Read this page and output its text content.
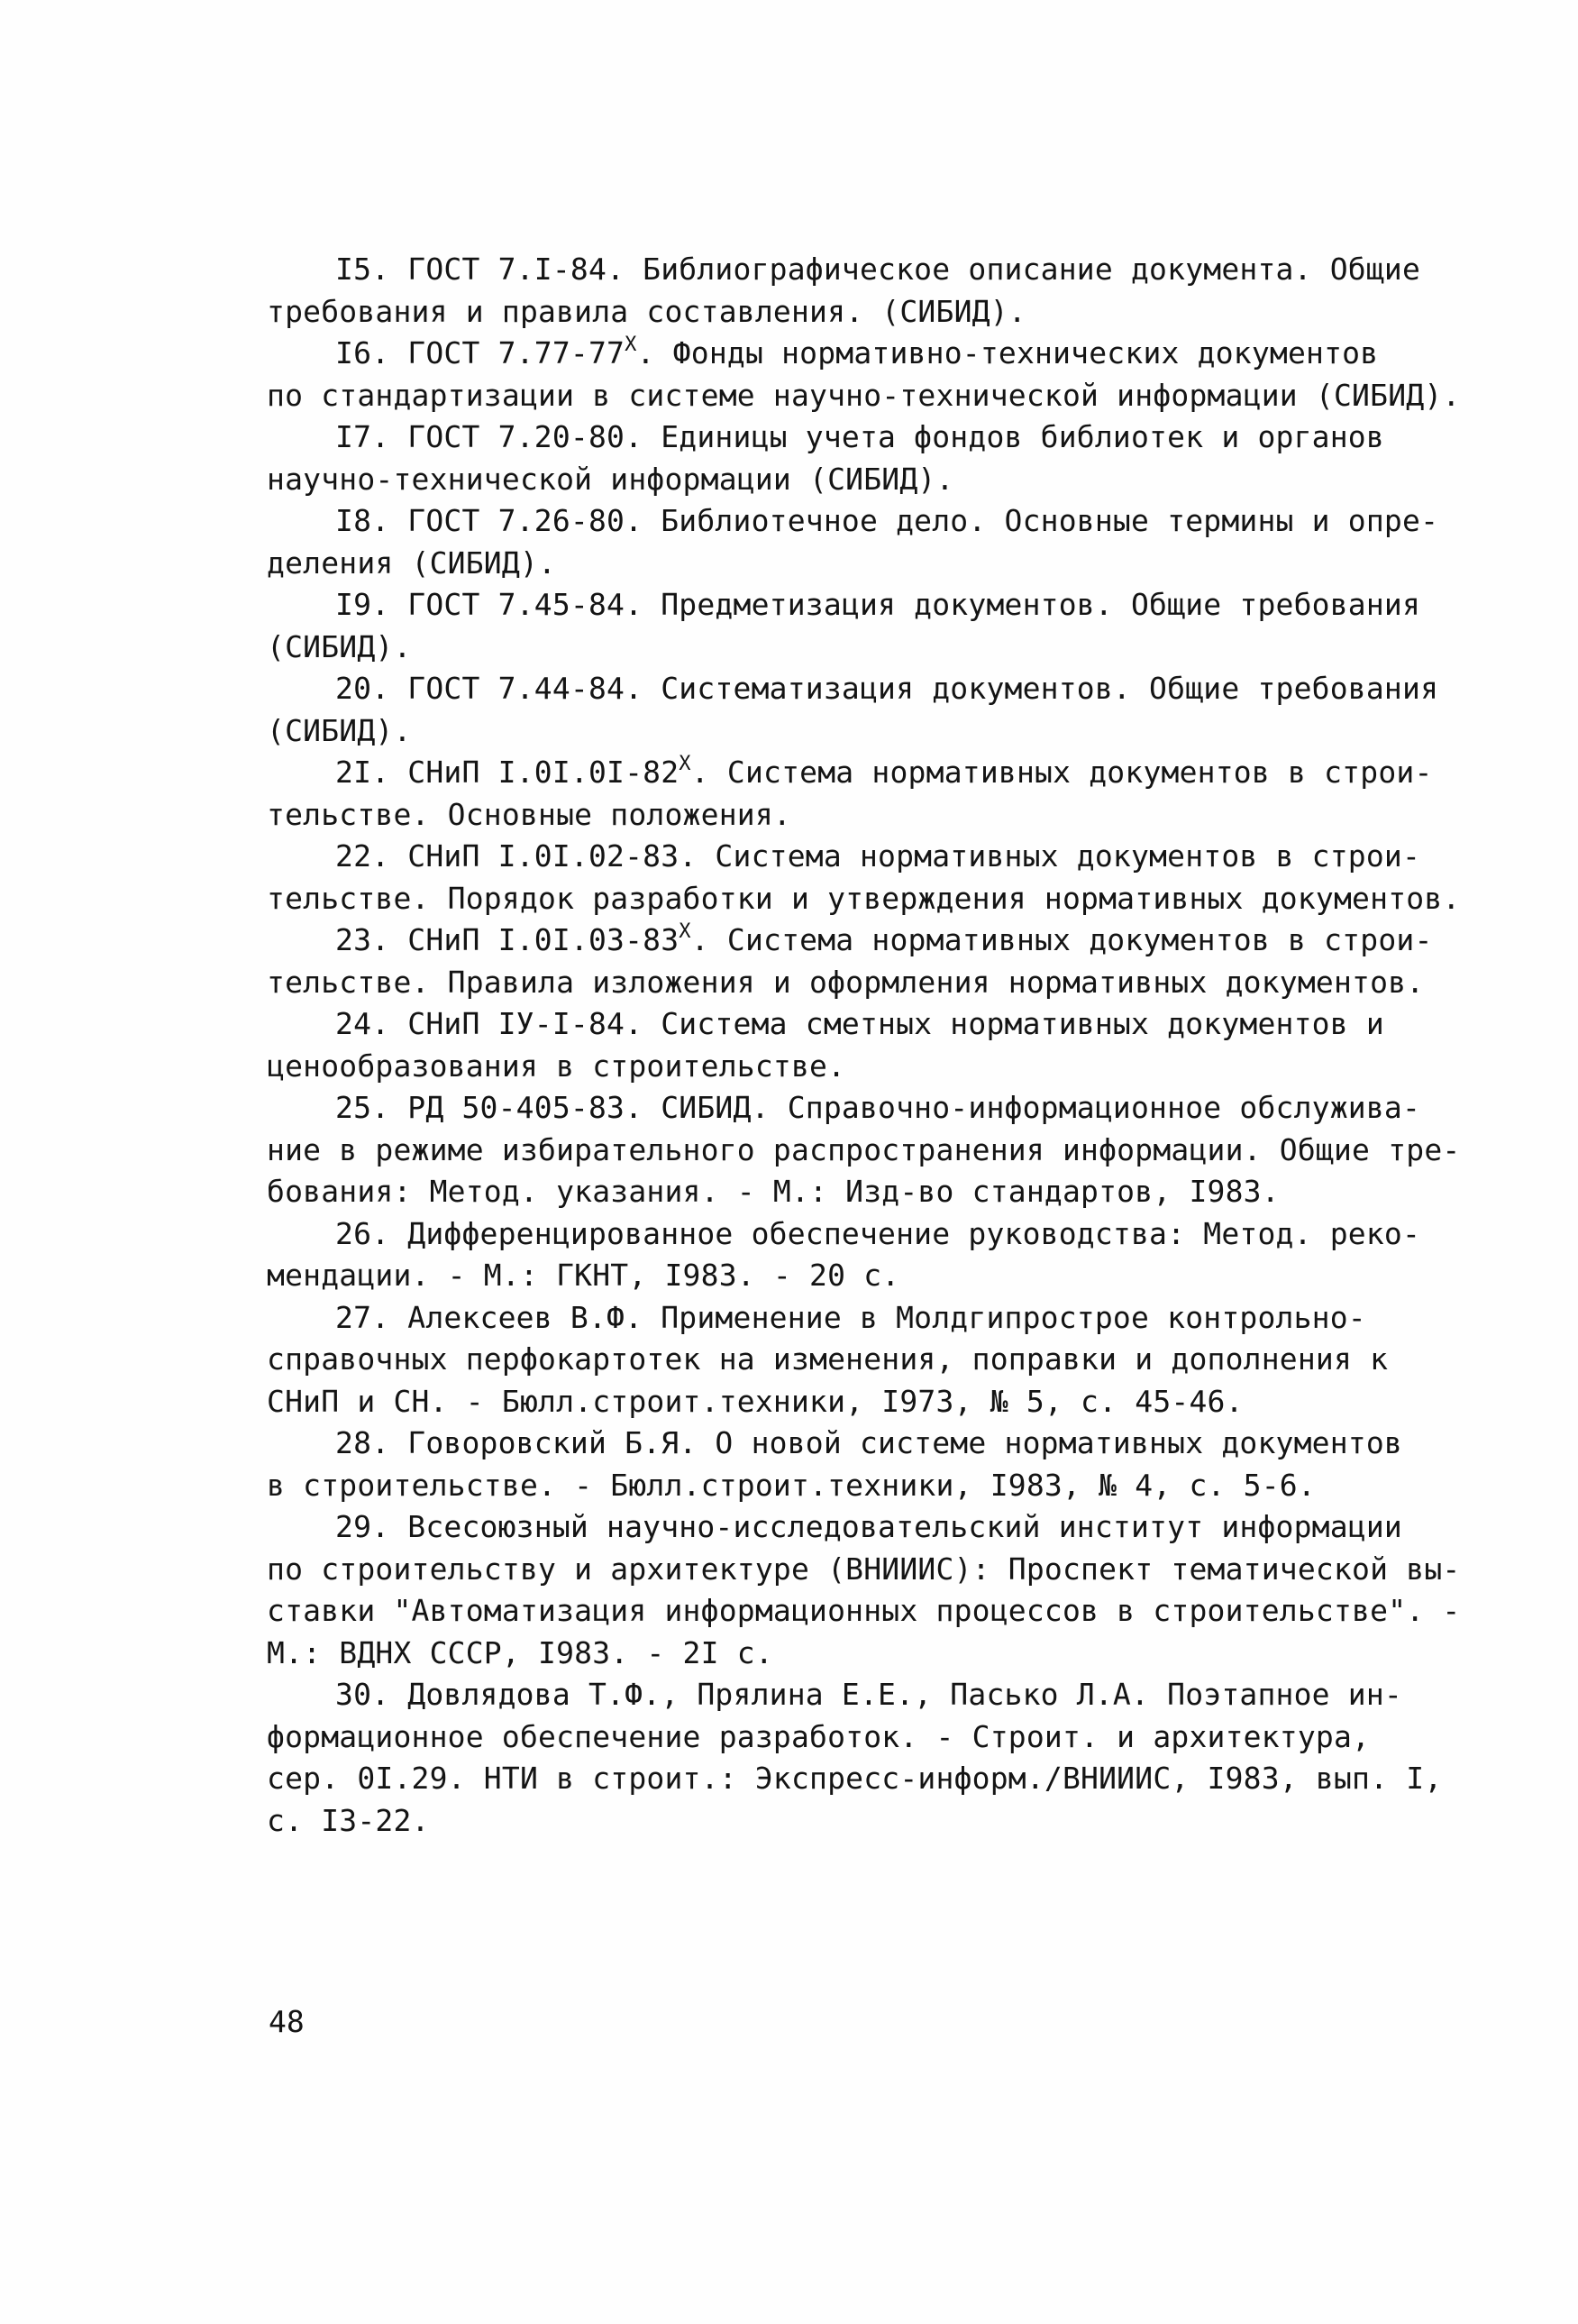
I5. ГОСТ 7.I-84. Библиографическое описание документа. Общие
требования и правила составления. (СИБИД).
I6. ГОСТ $7.77-77^X$. Фонды нормативно-технических документов
по стандартизации в системе научно-технической информации (СИБИД).
I7. ГОСТ 7.20-80. Единицы учета фондов библиотек и органов
научно-технической информации (СИБИД).
I8. ГОСТ 7.26-80. Библиотечное дело. Основные термины и опре-
деления (СИБИД).
I9. ГОСТ 7.45-84. Предметизация документов. Общие требования
(СИБИД).
20. ГОСТ 7.44-84. Систематизация документов. Общие требования
(СИБИД).
2I. СНиП $I.0I.0I-82^X$. Система нормативных документов в строи-
тельстве. Основные положения.
22. СНиП I.0I.02-83. Система нормативных документов в строи-
тельстве. Порядок разработки и утверждения нормативных документов.
23. СНиП $I.0I.03-83^X$. Система нормативных документов в строи-
тельстве. Правила изложения и оформления нормативных документов.
24. СНиП IУ-I-84. Система сметных нормативных документов и
ценообразования в строительстве.
25. РД 50-405-83. СИБИД. Справочно-информационное обслужива-
ние в режиме избирательного распространения информации. Общие тре-
бования: Метод. указания. - М.: Изд-во стандартов, I983.
26. Дифференцированное обеспечение руководства: Метод. реко-
мендации. - М.: ГКНТ, I983. - 20 с.
27. Алексеев В.Ф. Применение в Молдгипрострое контрольно-
справочных перфокартотек на изменения, поправки и дополнения к
СНиП и СН. - Бюлл.строит.техники, I973, № 5, с. 45-46.
28. Говоровский Б.Я. О новой системе нормативных документов
в строительстве. - Бюлл.строит.техники, I983, № 4, с. 5-6.
29. Всесоюзный научно-исследовательский институт информации
по строительству и архитектуре (ВНИИИС): Проспект тематической вы-
ставки "Автоматизация информационных процессов в строительстве". -
М.: ВДНХ СССР, I983. - 2I с.
30. Довлядова Т.Ф., Прялина Е.Е., Пасько Л.А. Поэтапное ин-
формационное обеспечение разработок. - Строит. и архитектура,
сер. 0I.29. НТИ в строит.: Экспресс-информ./ВНИИИС, I983, вып. I,
с. I3-22.
48
